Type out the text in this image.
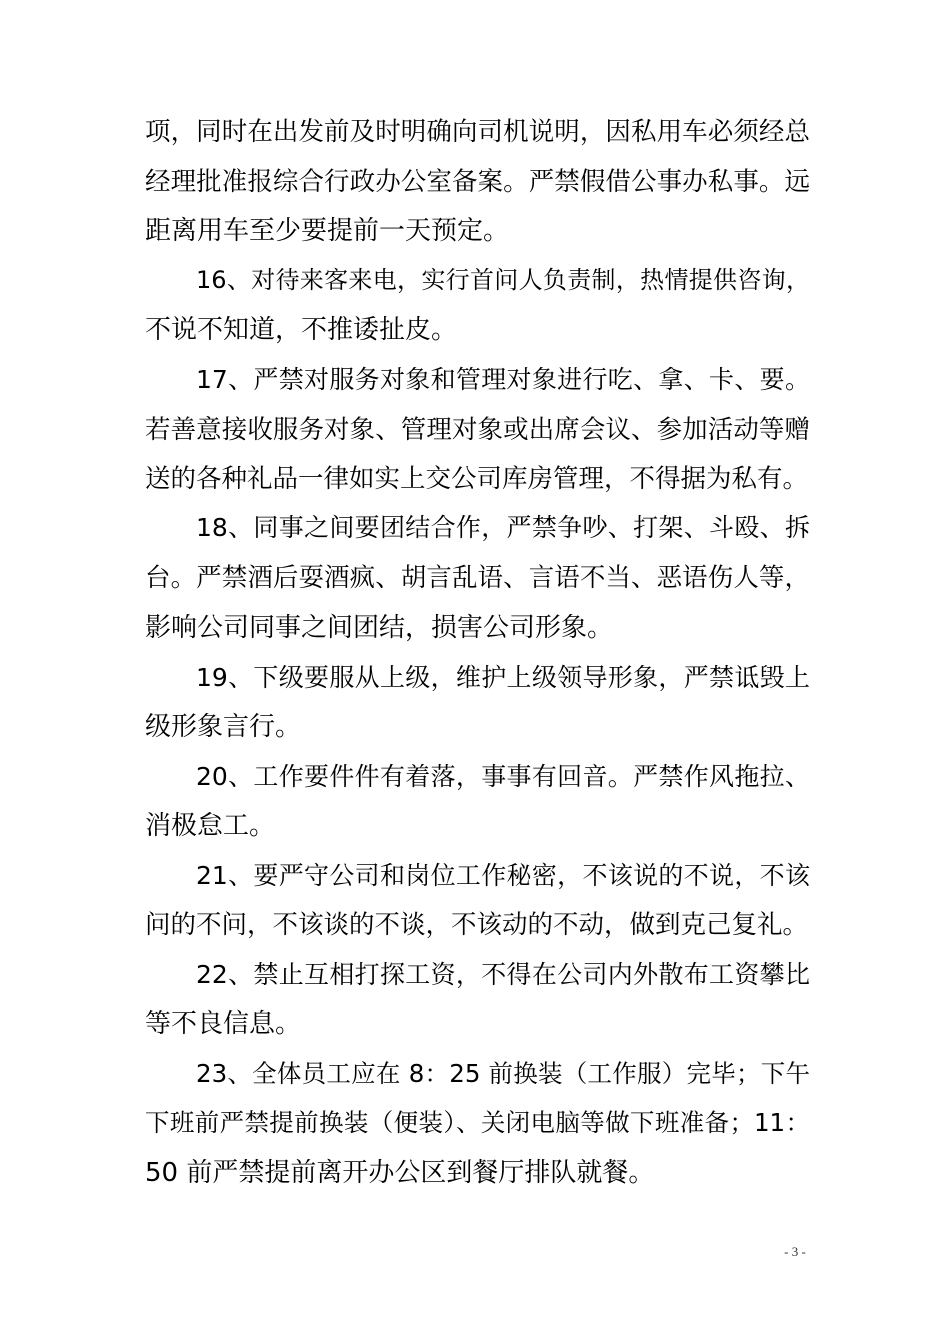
项，同时在出发前及时明确向司机说明，因私用车必须经总
经理批准报综合行政办公室备案。严禁假借公事办私事。远
距离用车至少要提前一天预定。
16、对待来客来电，实行首问人负责制，热情提供咨询，
不说不知道，不推诿扯皮。
17、严禁对服务对象和管理对象进行吃、拿、卡、要。
若善意接收服务对象、管理对象或出席会议、参加活动等赠
送的各种礼品一律如实上交公司库房管理，不得据为私有。
18、同事之间要团结合作，严禁争吵、打架、斗殴、拆
台。严禁酒后耍酒疯、胡言乱语、言语不当、恶语伤人等，
影响公司同事之间团结，损害公司形象。
19、下级要服从上级，维护上级领导形象，严禁诋毁上
级形象言行。
20、工作要件件有着落，事事有回音。严禁作风拖拉、
消极怠工。
21、要严守公司和岗位工作秘密，不该说的不说，不该
问的不问，不该谈的不谈，不该动的不动，做到克己复礼。
22、禁止互相打探工资，不得在公司内外散布工资攀比
等不良信息。
23、全体员工应在 8：25 前换装（工作服）完毕；下午
下班前严禁提前换装（便装）、关闭电脑等做下班准备；11：
50 前严禁提前离开办公区到餐厅排队就餐。
- 3 -
